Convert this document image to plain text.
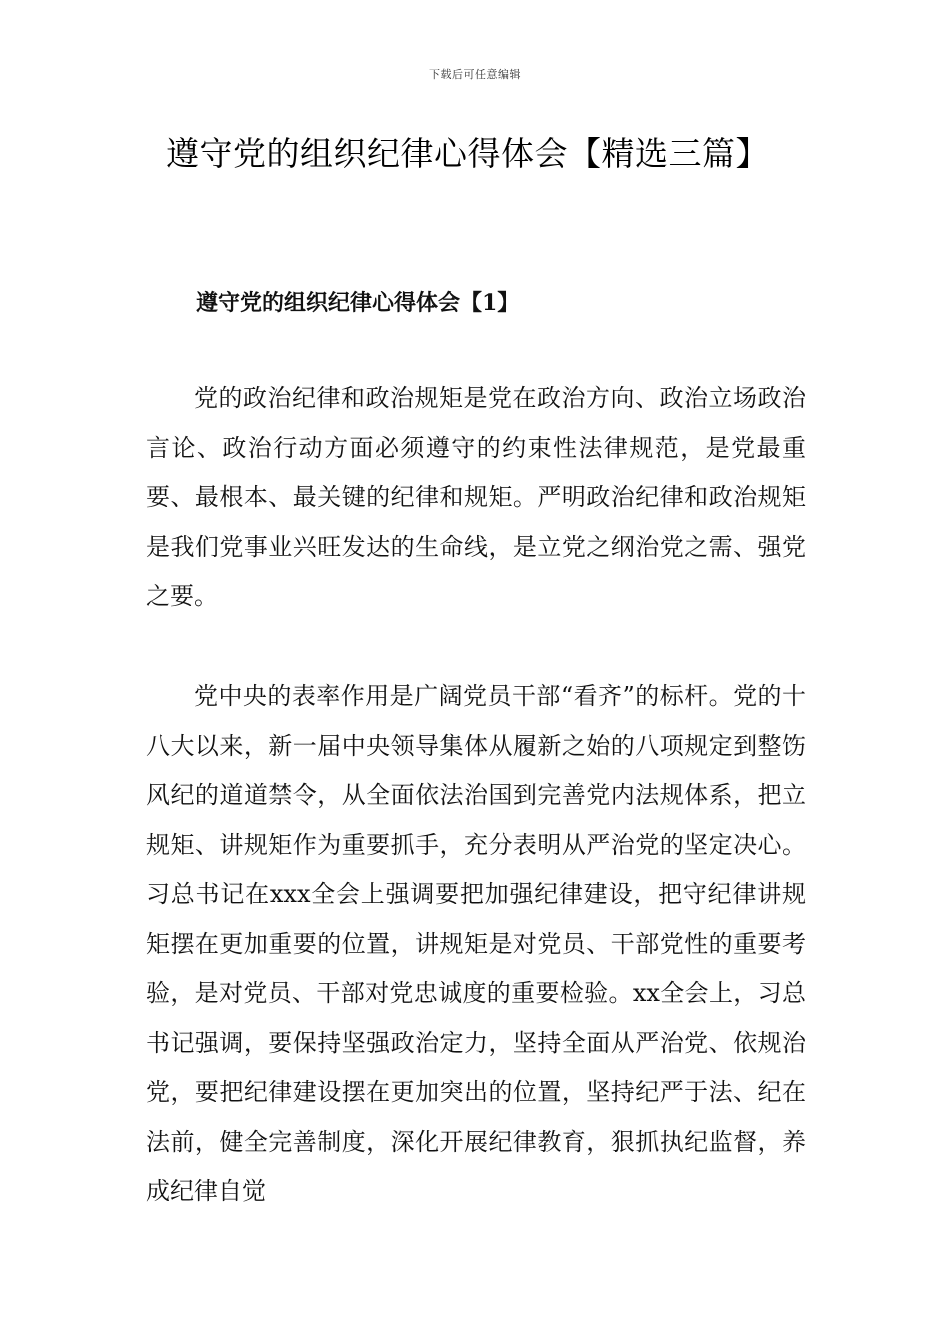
下载后可任意编辑
遵守党的组织纪律心得体会【精选三篇】
遵守党的组织纪律心得体会【1】

党的政治纪律和政治规矩是党在政治方向、政治立场政治言论、政治行动方面必须遵守的约束性法律规范，是党最重要、最根本、最关键的纪律和规矩。严明政治纪律和政治规矩是我们党事业兴旺发达的生命线，是立党之纲治党之需、强党之要。

党中央的表率作用是广阔党员干部“看齐”的标杆。党的十八大以来，新一届中央领导集体从履新之始的八项规定到整饬风纪的道道禁令，从全面依法治国到完善党内法规体系，把立规矩、讲规矩作为重要抓手，充分表明从严治党的坚定决心。习总书记在xxx全会上强调要把加强纪律建设，把守纪律讲规矩摆在更加重要的位置，讲规矩是对党员、干部党性的重要考验，是对党员、干部对党忠诚度的重要检验。xx全会上，习总书记强调，要保持坚强政治定力，坚持全面从严治党、依规治党，要把纪律建设摆在更加突出的位置，坚持纪严于法、纪在法前，健全完善制度，深化开展纪律教育，狠抓执纪监督，养成纪律自觉
